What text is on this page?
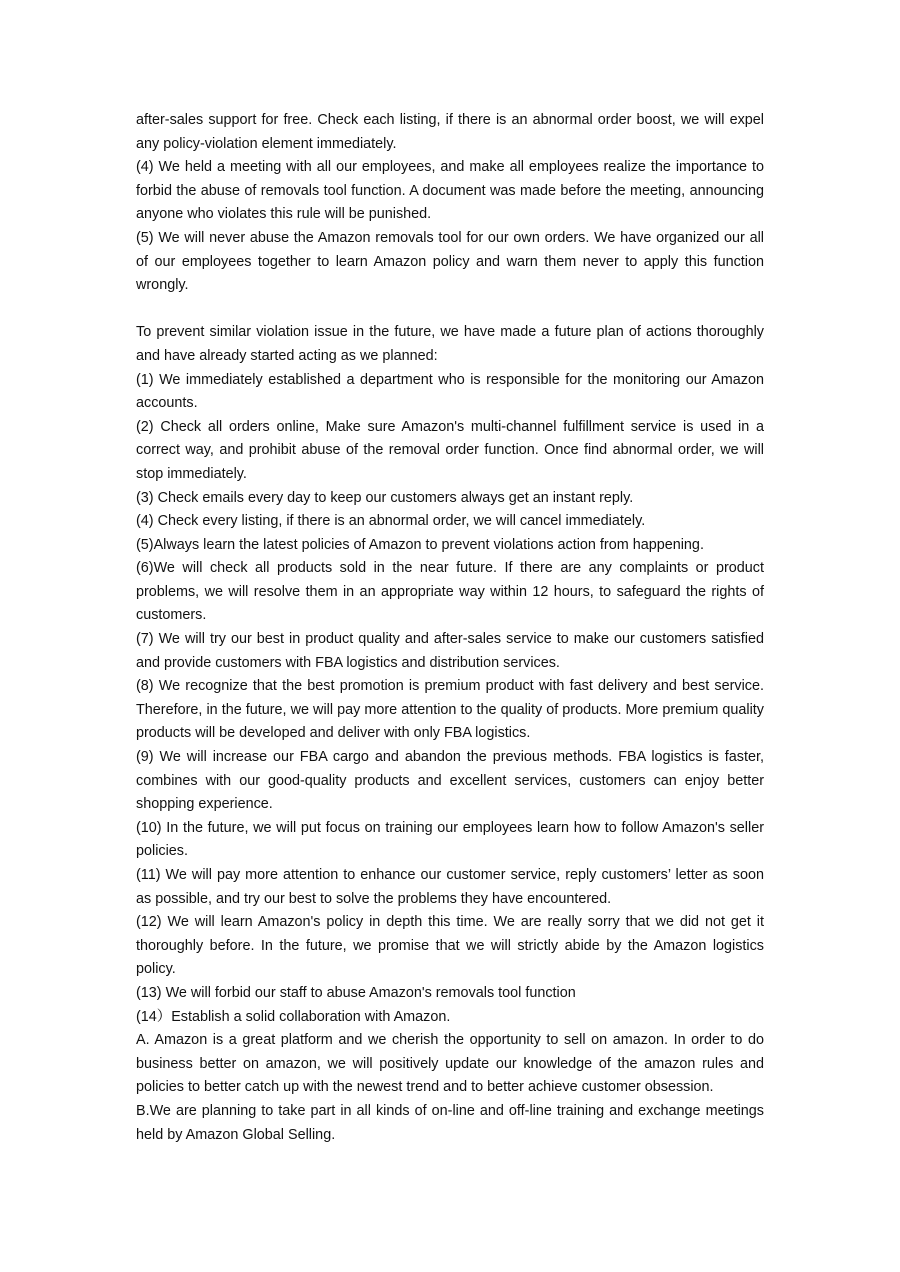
after-sales support for free. Check each listing, if there is an abnormal order boost, we will expel any policy-violation element immediately.

(4) We held a meeting with all our employees, and make all employees realize the importance to forbid the abuse of removals tool function. A document was made before the meeting, announcing anyone who violates this rule will be punished.

(5) We will never abuse the Amazon removals tool for our own orders. We have organized our all of our employees together to learn Amazon policy and warn them never to apply this function wrongly.

To prevent similar violation issue in the future, we have made a future plan of actions thoroughly and have already started acting as we planned:

(1) We immediately established a department who is responsible for the monitoring our Amazon accounts.

(2) Check all orders online, Make sure Amazon's multi-channel fulfillment service is used in a correct way, and prohibit abuse of the removal order function. Once find abnormal order, we will stop immediately.

(3) Check emails every day to keep our customers always get an instant reply.

(4) Check every listing, if there is an abnormal order, we will cancel immediately.

(5)Always learn the latest policies of Amazon to prevent violations action from happening.

(6)We will check all products sold in the near future. If there are any complaints or product problems, we will resolve them in an appropriate way within 12 hours, to safeguard the rights of customers.

(7) We will try our best in product quality and after-sales service to make our customers satisfied and provide customers with FBA logistics and distribution services.

(8) We recognize that the best promotion is premium product with fast delivery and best service. Therefore, in the future, we will pay more attention to the quality of products. More premium quality products will be developed and deliver with only FBA logistics.

(9) We will increase our FBA cargo and abandon the previous methods. FBA logistics is faster, combines with our good-quality products and excellent services, customers can enjoy better shopping experience.

(10) In the future, we will put focus on training our employees learn how to follow Amazon's seller policies.

(11) We will pay more attention to enhance our customer service, reply customers’ letter as soon as possible, and try our best to solve the problems they have encountered.

(12) We will learn Amazon's policy in depth this time. We are really sorry that we did not get it thoroughly before. In the future, we promise that we will strictly abide by the Amazon logistics policy.

(13) We will forbid our staff to abuse Amazon's removals tool function

(14）Establish a solid collaboration with Amazon.

A. Amazon is a great platform and we cherish the opportunity to sell on amazon. In order to do business better on amazon, we will positively update our knowledge of the amazon rules and policies to better catch up with the newest trend and to better achieve customer obsession.

B.We are planning to take part in all kinds of on-line and off-line training and exchange meetings held by Amazon Global Selling.
